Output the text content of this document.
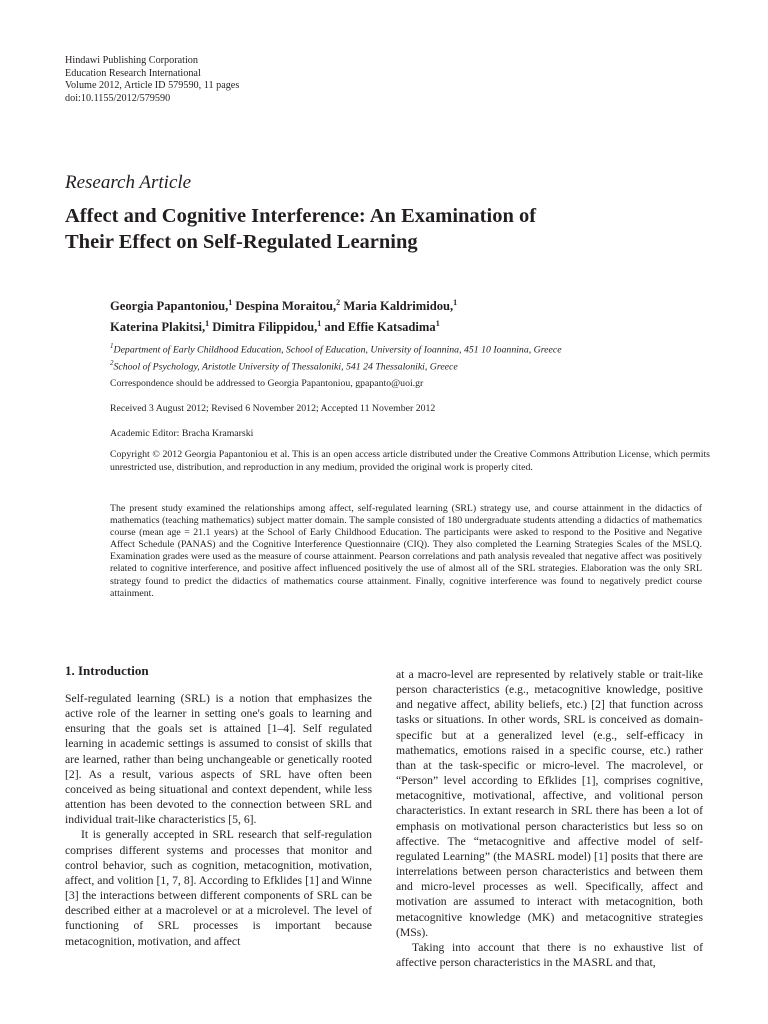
Hindawi Publishing Corporation
Education Research International
Volume 2012, Article ID 579590, 11 pages
doi:10.1155/2012/579590
Research Article
Affect and Cognitive Interference: An Examination of
Their Effect on Self-Regulated Learning
Georgia Papantoniou,$^1$ Despina Moraitou,$^2$ Maria Kaldrimidou,$^1$
Katerina Plakitsi,$^1$ Dimitra Filippidou,$^1$ and Effie Katsadima$^1$
$^1$Department of Early Childhood Education, School of Education, University of Ioannina, 451 10 Ioannina, Greece
$^2$School of Psychology, Aristotle University of Thessaloniki, 541 24 Thessaloniki, Greece
Correspondence should be addressed to Georgia Papantoniou, gpapanto@uoi.gr
Received 3 August 2012; Revised 6 November 2012; Accepted 11 November 2012
Academic Editor: Bracha Kramarski
Copyright © 2012 Georgia Papantoniou et al. This is an open access article distributed under the Creative Commons Attribution License, which permits unrestricted use, distribution, and reproduction in any medium, provided the original work is properly cited.
The present study examined the relationships among affect, self-regulated learning (SRL) strategy use, and course attainment in the didactics of mathematics (teaching mathematics) subject matter domain. The sample consisted of 180 undergraduate students attending a didactics of mathematics course (mean age = 21.1 years) at the School of Early Childhood Education. The participants were asked to respond to the Positive and Negative Affect Schedule (PANAS) and the Cognitive Interference Questionnaire (CIQ). They also completed the Learning Strategies Scales of the MSLQ. Examination grades were used as the measure of course attainment. Pearson correlations and path analysis revealed that negative affect was positively related to cognitive interference, and positive affect influenced positively the use of almost all of the SRL strategies. Elaboration was the only SRL strategy found to predict the didactics of mathematics course attainment. Finally, cognitive interference was found to negatively predict course attainment.
1. Introduction

Self-regulated learning (SRL) is a notion that emphasizes the active role of the learner in setting one's goals to learning and ensuring that the goals set is attained [1–4]. Self regulated learning in academic settings is assumed to consist of skills that are learned, rather than being unchangeable or genetically rooted [2]. As a result, various aspects of SRL have often been conceived as being situational and context dependent, while less attention has been devoted to the connection between SRL and individual trait-like characteristics [5, 6].

It is generally accepted in SRL research that self-regulation comprises different systems and processes that monitor and control behavior, such as cognition, metacognition, motivation, affect, and volition [1, 7, 8]. According to Efklides [1] and Winne [3] the interactions between different components of SRL can be described either at a macrolevel or at a microlevel. The level of functioning of SRL processes is important because metacognition, motivation, and affect

at a macro-level are represented by relatively stable or trait-like person characteristics (e.g., metacognitive knowledge, positive and negative affect, ability beliefs, etc.) [2] that function across tasks or situations. In other words, SRL is conceived as domain-specific but at a generalized level (e.g., self-efficacy in mathematics, emotions raised in a specific course, etc.) rather than at the task-specific or micro-level. The macrolevel, or “Person” level according to Efklides [1], comprises cognitive, metacognitive, motivational, affective, and volitional person characteristics. In extant research in SRL there has been a lot of emphasis on motivational person characteristics but less so on affective. The “metacognitive and affective model of self-regulated Learning” (the MASRL model) [1] posits that there are interrelations between person characteristics and between them and micro-level processes as well. Specifically, affect and motivation are assumed to interact with metacognition, both metacognitive knowledge (MK) and metacognitive strategies (MSs).

Taking into account that there is no exhaustive list of affective person characteristics in the MASRL and that,
